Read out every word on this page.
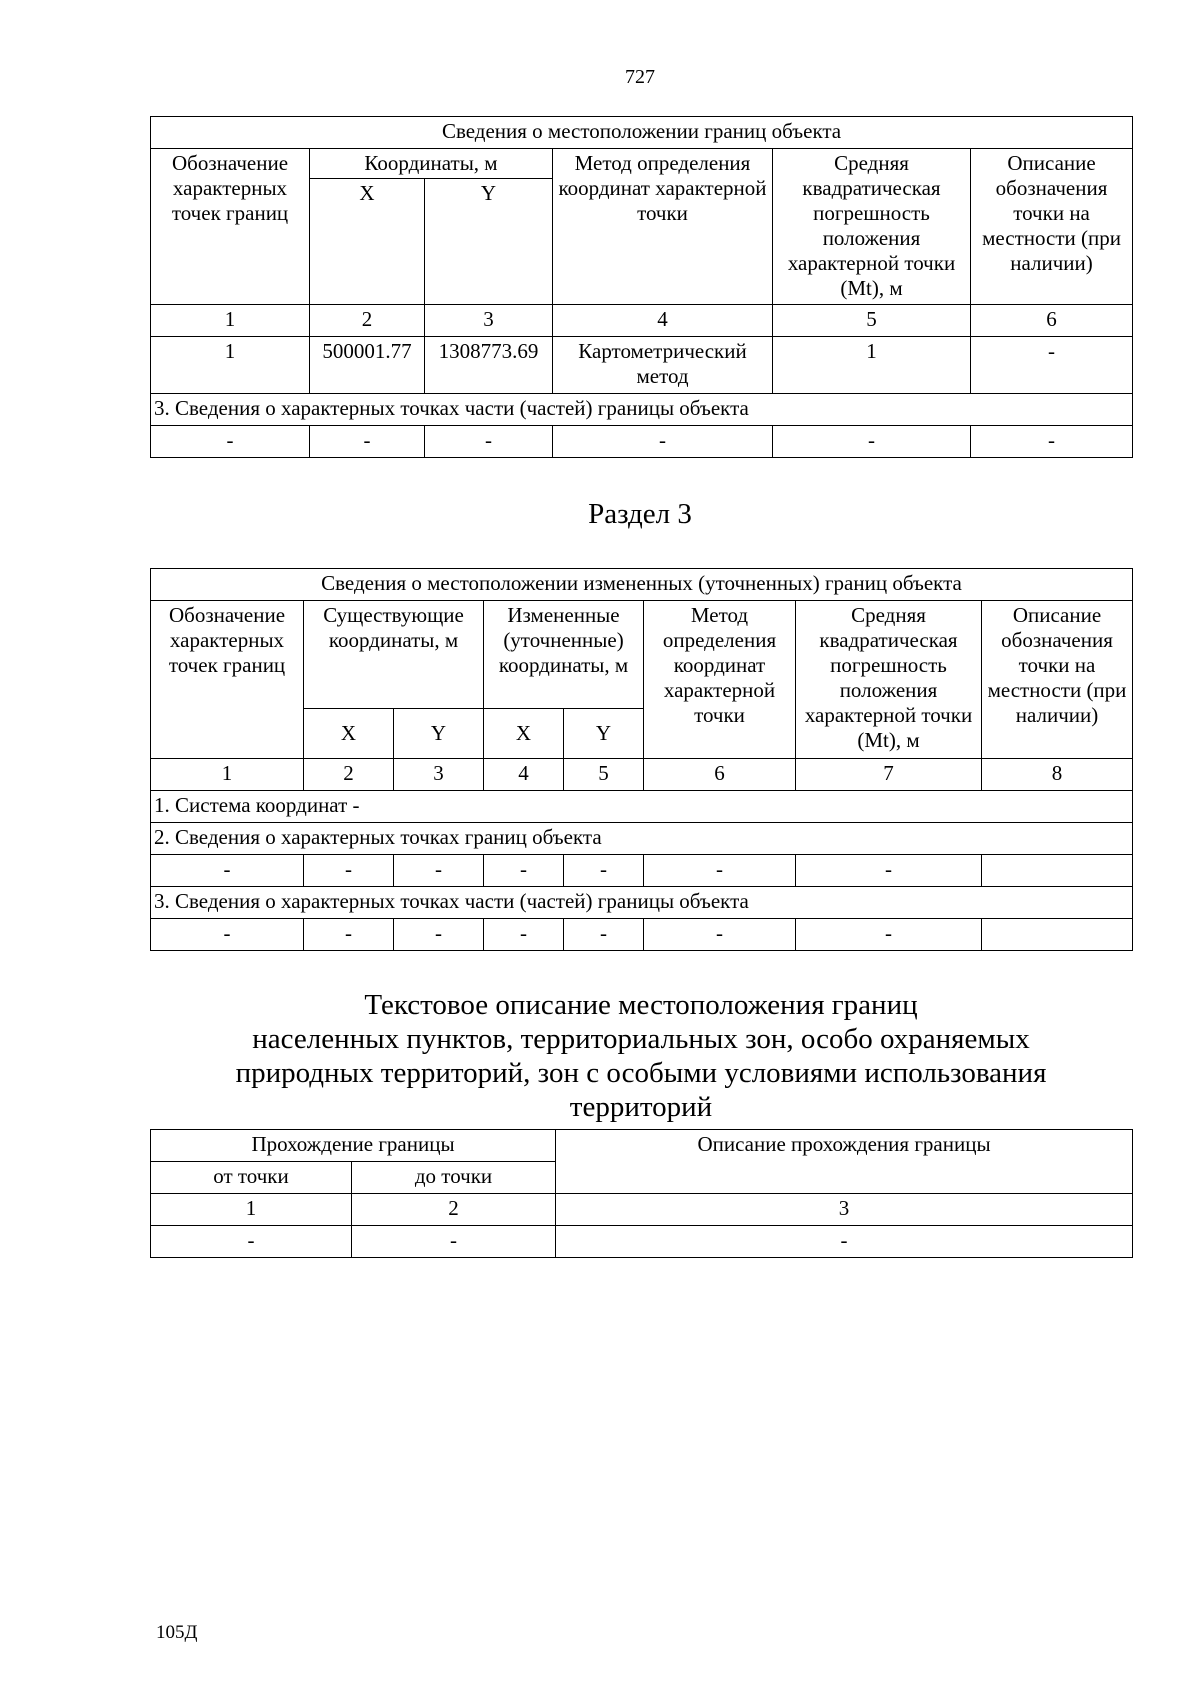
727
Сведения о местоположении границ объекта					
Обозначение характерных точек границ	Координаты, м		Метод определения координат характерной точки	Средняя квадратическая погрешность положения характерной точки (Mt), м	Описание обозначения точки на местности (при наличии)
	X	Y			
1	2	3	4	5	6
1	500001.77	1308773.69	Картометрический метод	1	-
3. Сведения о характерных точках части (частей) границы объекта					
-	-	-	-	-	-
Раздел 3
Сведения о местоположении измененных (уточненных) границ объекта							
Обозначение характерных точек границ	Существующие координаты, м		Измененные (уточненные) координаты, м		Метод определения координат характерной точки	Средняя квадратическая погрешность положения характерной точки (Mt), м	Описание обозначения точки на местности (при наличии)
	X	Y	X	Y			
1	2	3	4	5	6	7	8
1. Система координат -							
2. Сведения о характерных точках границ объекта							
-	-	-	-	-	-	-	
3. Сведения о характерных точках части (частей) границы объекта							
-	-	-	-	-	-	-	
Текстовое описание местоположения границ
населенных пунктов, территориальных зон, особо охраняемых
природных территорий, зон с особыми условиями использования
территорий
Прохождение границы		Описание прохождения границы
от точки	до точки	
1	2	3
-	-	-
105Д
